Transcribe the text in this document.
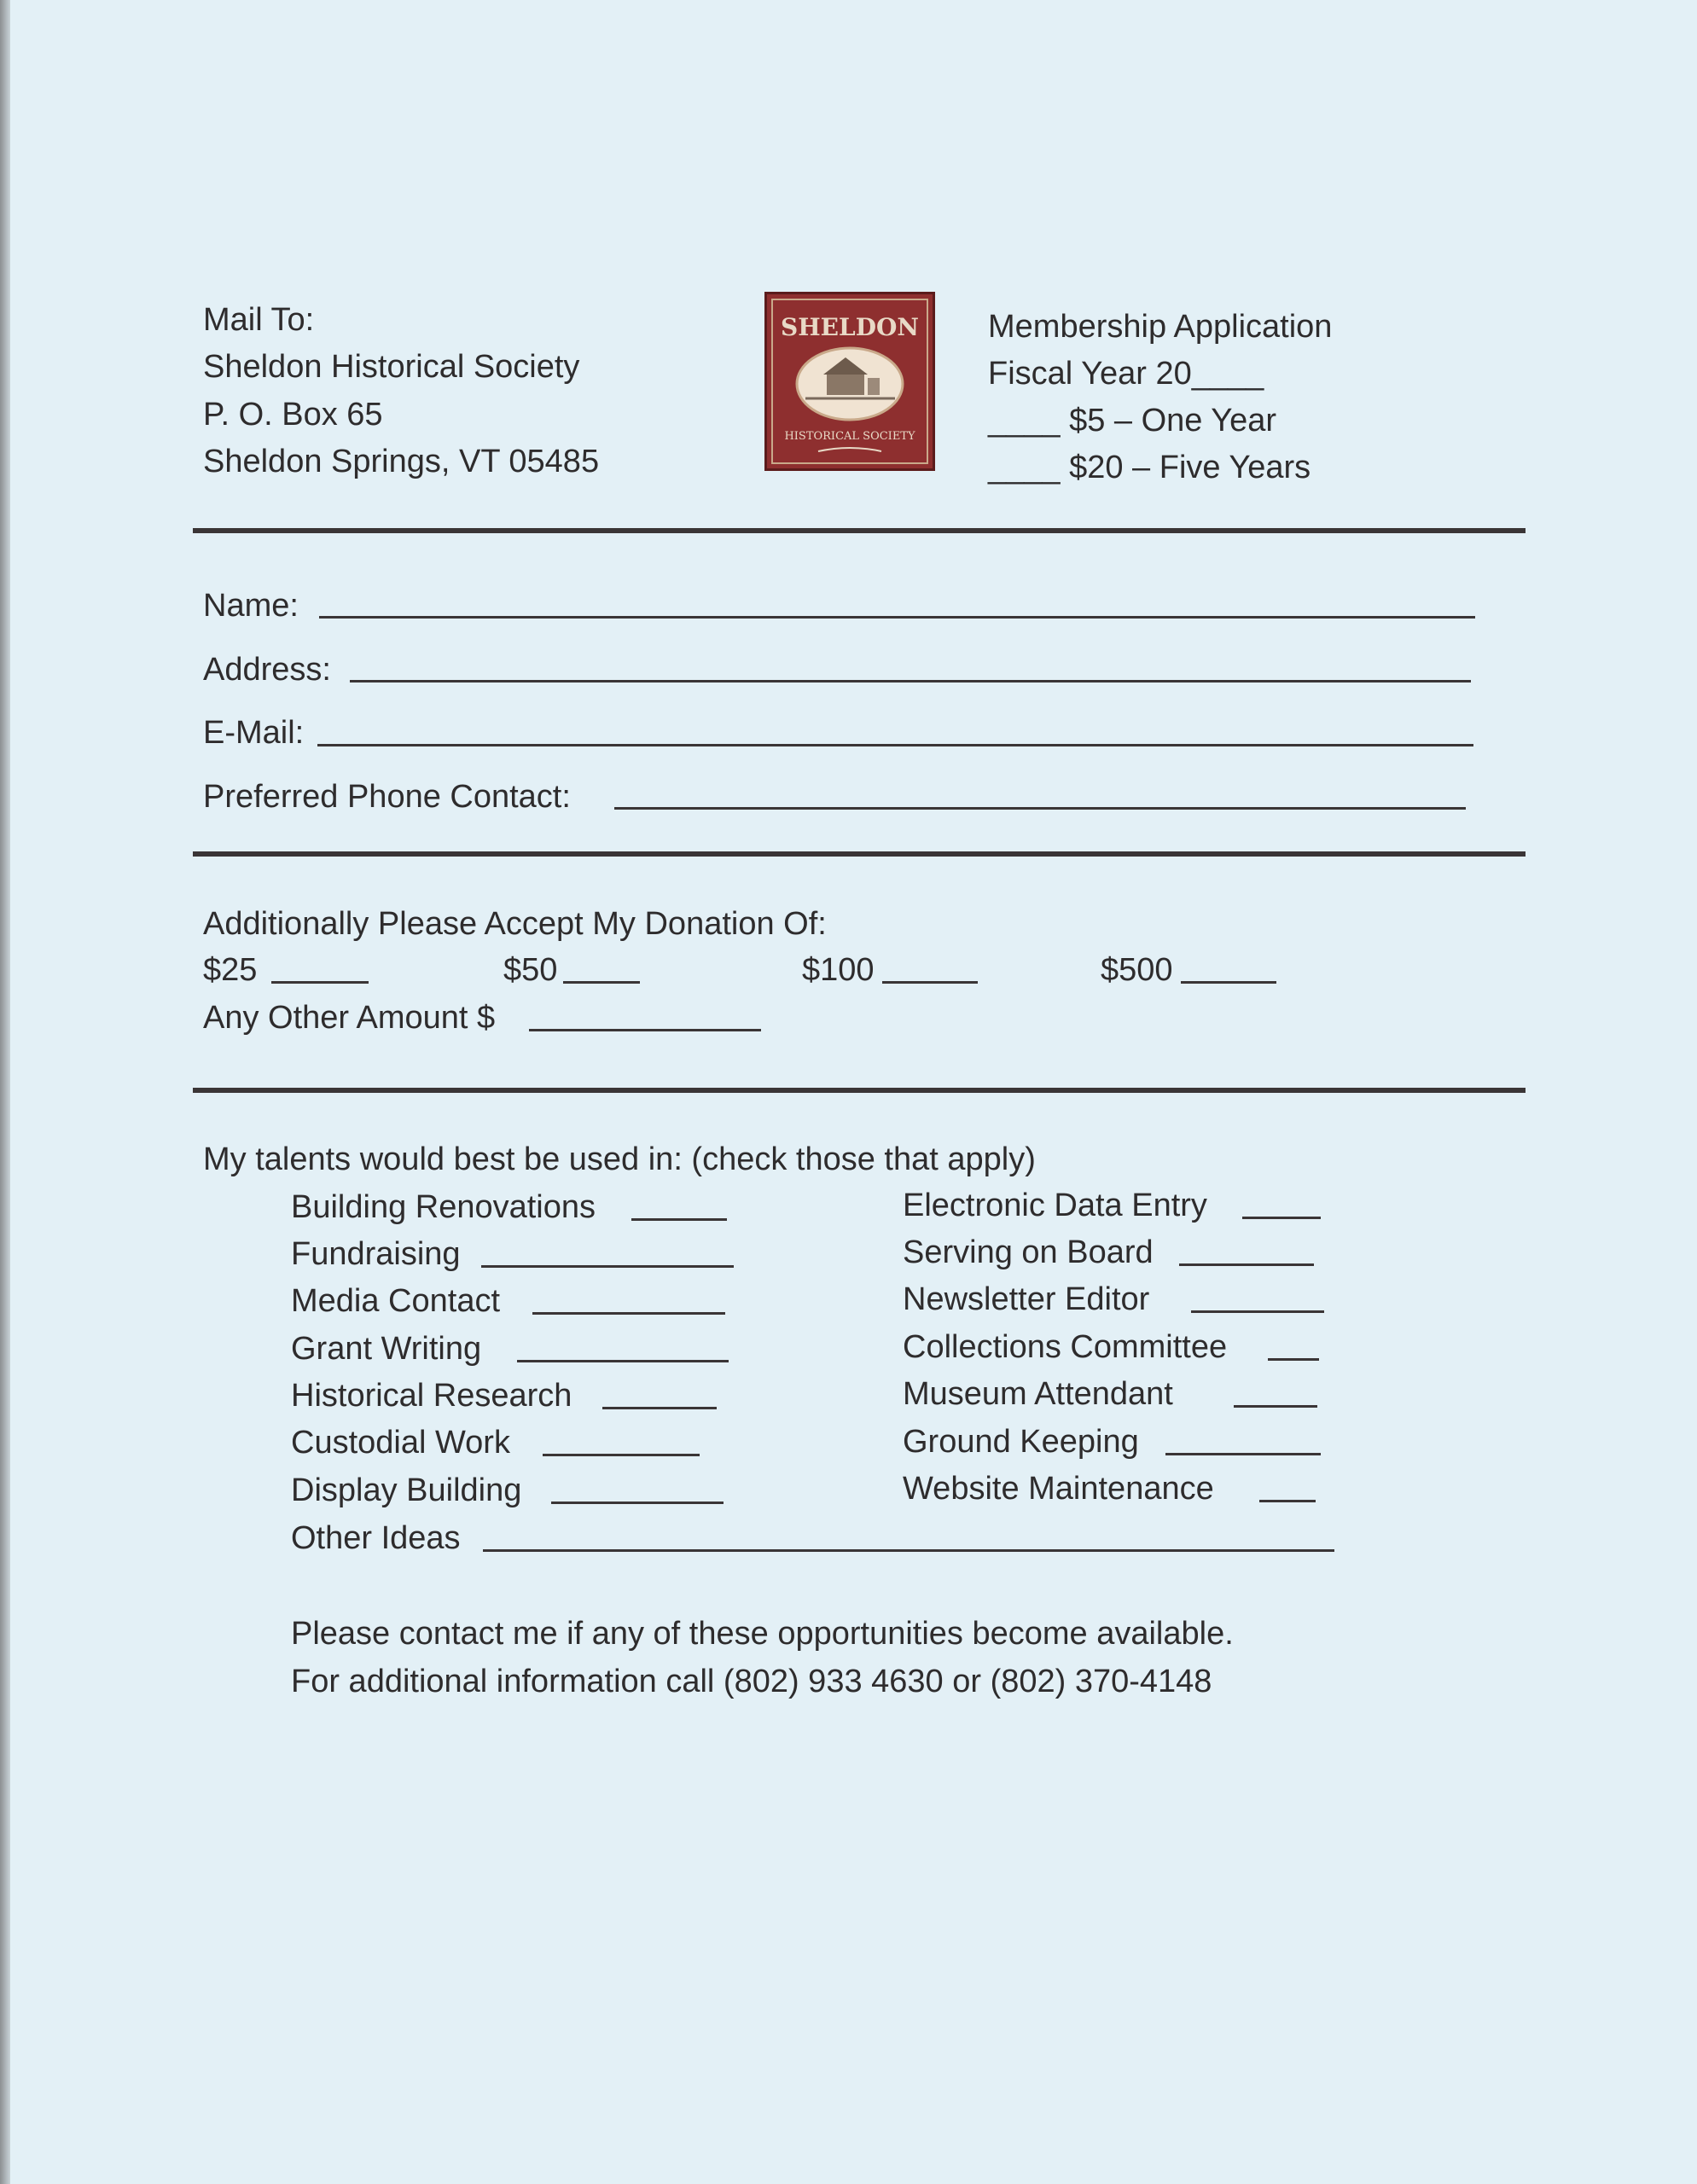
Mail To:
Sheldon Historical Society
P. O. Box 65
Sheldon Springs, VT 05485
SHELDON
HISTORICAL SOCIETY
Membership Application
Fiscal Year 20____
____ $5 – One Year
____ $20 – Five Years
Name:
Address:
E-Mail:
Preferred Phone Contact:
Additionally Please Accept My Donation Of:
$25	$50	$100	$500
Any Other Amount $
My talents would best be used in: (check those that apply)
Building Renovations
Fundraising
Media Contact
Grant Writing
Historical Research
Custodial Work
Display Building
Electronic Data Entry
Serving on Board
Newsletter Editor
Collections Committee
Museum Attendant
Ground Keeping
Website Maintenance
Other Ideas
Please contact me if any of these opportunities become available.
For additional information call (802) 933 4630 or (802) 370-4148
